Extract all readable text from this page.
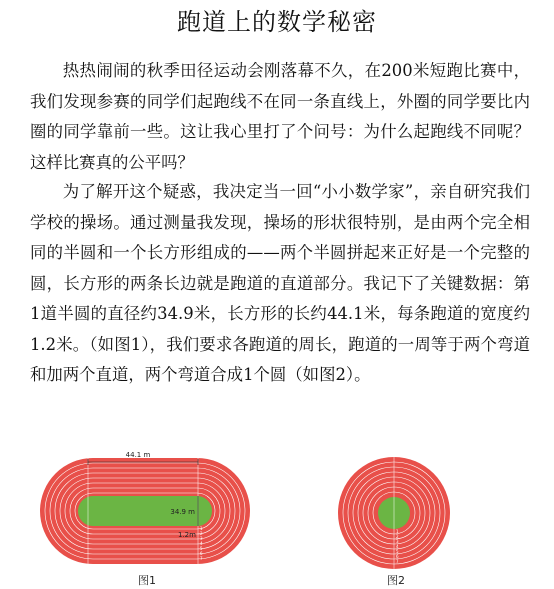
跑道上的数学秘密

热热闹闹的秋季田径运动会刚落幕不久，在200米短跑比赛中，我们发现参赛的同学们起跑线不在同一条直线上，外圈的同学要比内圈的同学靠前一些。这让我心里打了个问号：为什么起跑线不同呢？这样比赛真的公平吗？

为了解开这个疑惑，我决定当一回“小小数学家”，亲自研究我们学校的操场。通过测量我发现，操场的形状很特别，是由两个完全相同的半圆和一个长方形组成的——两个半圆拼起来正好是一个完整的圆，长方形的两条长边就是跑道的直道部分。我记下了关键数据：第1道半圆的直径约34.9米，长方形的长约44.1米，每条跑道的宽度约1.2米。（如图1），我们要求各跑道的周长，跑道的一周等于两个弯道和加两个直道，两个弯道合成1个圆（如图2）。

44.1 m
34.9 m
1.2m
1
2
3
4
5
6
7
图1
1
2
3
4
5
6
7
图2
